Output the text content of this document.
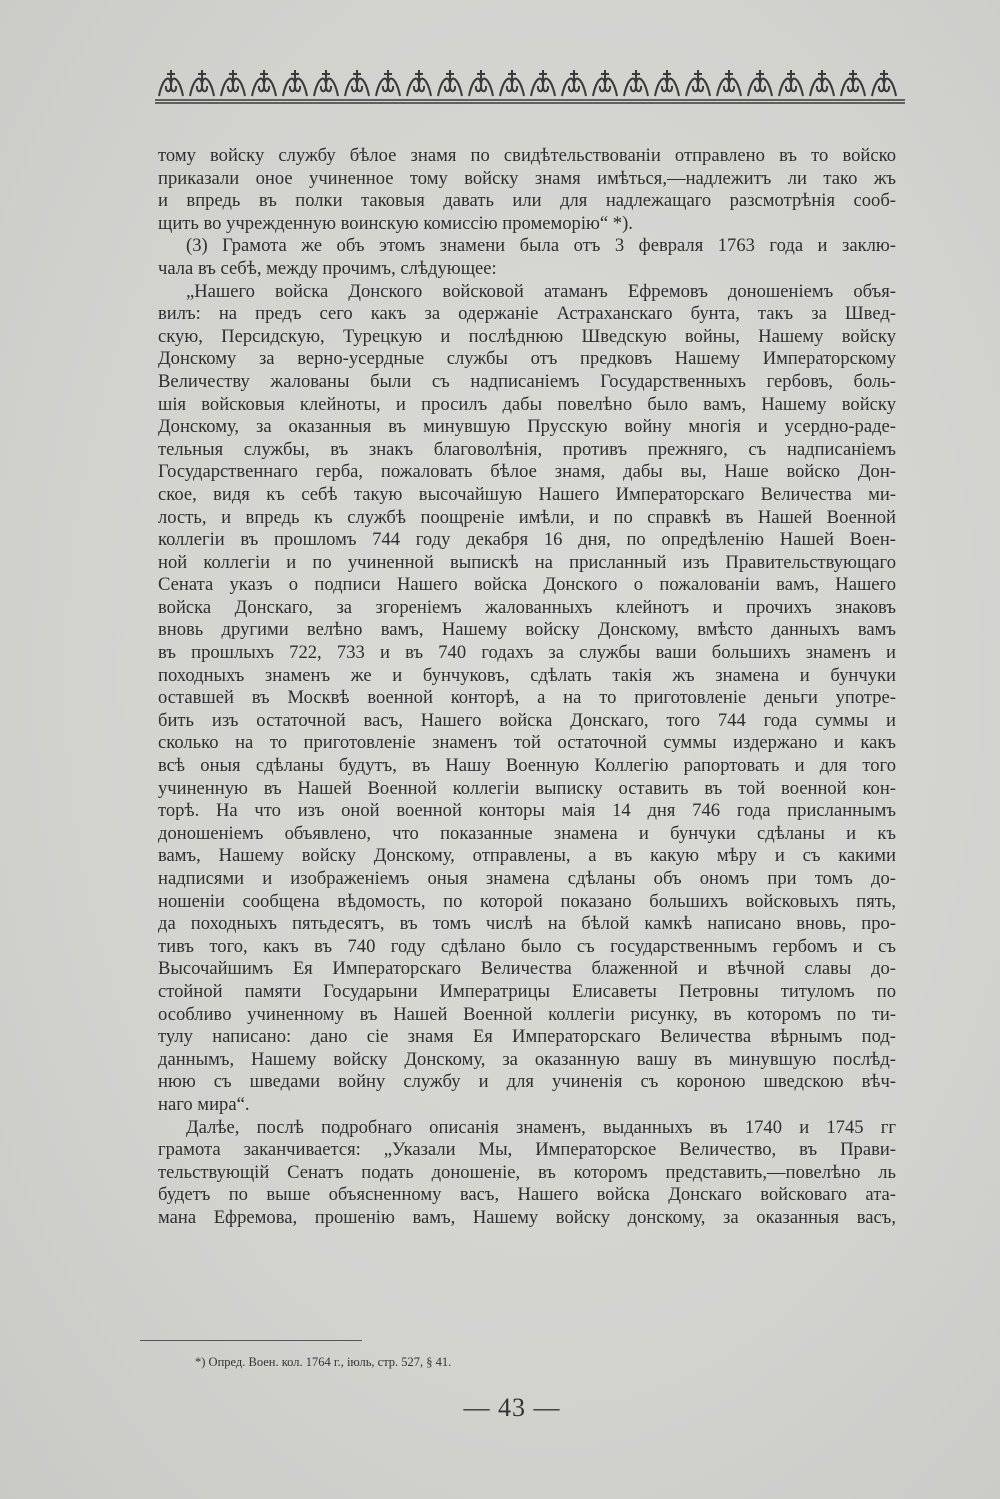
тому войску службу бѣлое знамя по свидѣтельствованіи отправлено въ то войско
приказали оное учиненное тому войску знамя имѣться,—надлежитъ ли тако жъ
и впредь въ полки таковыя давать или для надлежащаго разсмотрѣнія сооб-
щить во учрежденную воинскую комиссію промеморію“ *).
(3) Грамота же объ этомъ знамени была отъ 3 февраля 1763 года и заклю-
чала въ себѣ, между прочимъ, слѣдующее:
„Нашего войска Донского войсковой атаманъ Ефремовъ доношеніемъ объя-
вилъ: на предъ сего какъ за одержаніе Астраханскаго бунта, такъ за Швед-
скую, Персидскую, Турецкую и послѣднюю Шведскую войны, Нашему войску
Донскому за верно-усердные службы отъ предковъ Нашему Императорскому
Величеству жалованы были съ надписаніемъ Государственныхъ гербовъ, боль-
шія войсковыя клейноты, и просилъ дабы повелѣно было вамъ, Нашему войску
Донскому, за оказанныя въ минувшую Прусскую войну многія и усердно-раде-
тельныя службы, въ знакъ благоволѣнія, противъ прежняго, съ надписаніемъ
Государственнаго герба, пожаловать бѣлое знамя, дабы вы, Наше войско Дон-
ское, видя къ себѣ такую высочайшую Нашего Императорскаго Величества ми-
лость, и впредь къ службѣ поощреніе имѣли, и по справкѣ въ Нашей Военной
коллегіи въ прошломъ 744 году декабря 16 дня, по опредѣленію Нашей Воен-
ной коллегіи и по учиненной выпискѣ на присланный изъ Правительствующаго
Сената указъ о подписи Нашего войска Донского о пожалованіи вамъ, Нашего
войска Донскаго, за згореніемъ жалованныхъ клейнотъ и прочихъ знаковъ
вновь другими велѣно вамъ, Нашему войску Донскому, вмѣсто данныхъ вамъ
въ прошлыхъ 722, 733 и въ 740 годахъ за службы ваши большихъ знаменъ и
походныхъ знаменъ же и бунчуковъ, сдѣлать такія жъ знамена и бунчуки
оставшей въ Москвѣ военной конторѣ, а на то приготовленіе деньги употре-
бить изъ остаточной васъ, Нашего войска Донскаго, того 744 года суммы и
сколько на то приготовленіе знаменъ той остаточной суммы издержано и какъ
всѣ оныя сдѣланы будутъ, въ Нашу Военную Коллегію рапортовать и для того
учиненную въ Нашей Военной коллегіи выписку оставить въ той военной кон-
торѣ. На что изъ оной военной конторы маія 14 дня 746 года присланнымъ
доношеніемъ объявлено, что показанные знамена и бунчуки сдѣланы и къ
вамъ, Нашему войску Донскому, отправлены, а въ какую мѣру и съ какими
надписями и изображеніемъ оныя знамена сдѣланы объ ономъ при томъ до-
ношеніи сообщена вѣдомость, по которой показано большихъ войсковыхъ пять,
да походныхъ пятьдесятъ, въ томъ числѣ на бѣлой камкѣ написано вновь, про-
тивъ того, какъ въ 740 году сдѣлано было съ государственнымъ гербомъ и съ
Высочайшимъ Ея Императорскаго Величества блаженной и вѣчной славы до-
стойной памяти Государыни Императрицы Елисаветы Петровны титуломъ по
особливо учиненному въ Нашей Военной коллегіи рисунку, въ которомъ по ти-
тулу написано: дано сіе знамя Ея Императорскаго Величества вѣрнымъ под-
даннымъ, Нашему войску Донскому, за оказанную вашу въ минувшую послѣд-
нюю съ шведами войну службу и для учиненія съ короною шведскою вѣч-
наго мира“.
Далѣе, послѣ подробнаго описанія знаменъ, выданныхъ въ 1740 и 1745 гг
грамота заканчивается: „Указали Мы, Императорское Величество, въ Прави-
тельствующій Сенатъ подать доношеніе, въ которомъ представить,—повелѣно ль
будетъ по выше объясненному васъ, Нашего войска Донскаго войсковаго ата-
мана Ефремова, прошенію вамъ, Нашему войску донскому, за оказанныя васъ,
*) Опред. Воен. кол. 1764 г., іюль, стр. 527, § 41.
— 43 —
